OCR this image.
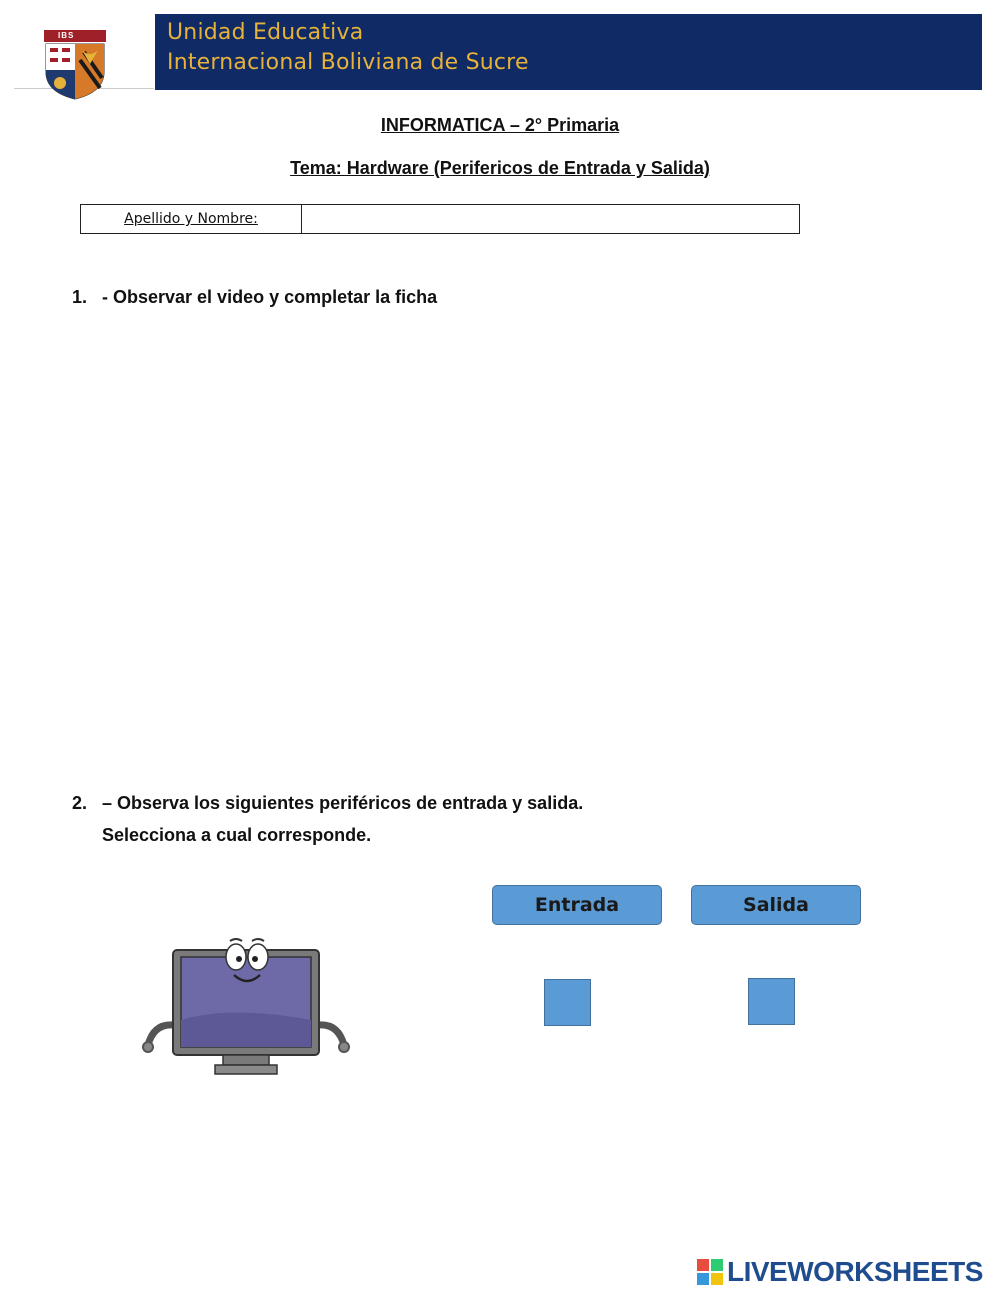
IBS	Unidad Educativa
Internacional Boliviana de Sucre
INFORMATICA – 2° Primaria
Tema: Hardware (Perifericos de Entrada y Salida)
Apellido y Nombre:
1. - Observar el video y completar la ficha
2. – Observa los siguientes periféricos de entrada y salida.
Selecciona a cual corresponde.
Entrada	Salida
LIVEWORKSHEETS
